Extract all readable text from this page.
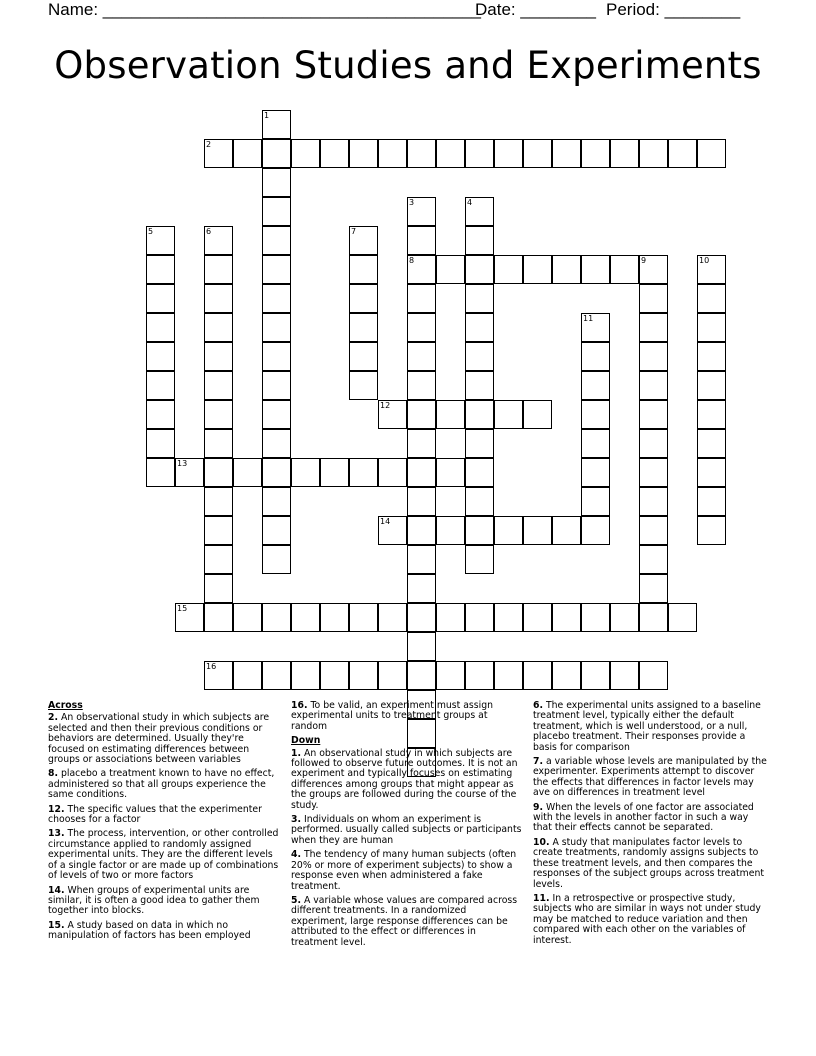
Name: ________________________________________
Date: ________ Period: ________
Observation Studies and Experiments
1
2
3
8
4
5	6	7
9	10
11
12
13
14
15
16

Across

2. An observational study in which subjects are selected and then their previous conditions or behaviors are determined. Usually they're focused on estimating differences between groups or associations between variables

8. placebo a treatment known to have no effect, administered so that all groups experience the same conditions.

12. The specific values that the experimenter chooses for a factor

13. The process, intervention, or other controlled circumstance applied to randomly assigned experimental units. They are the different levels of a single factor or are made up of combinations of levels of two or more factors

14. When groups of experimental units are similar, it is often a good idea to gather them together into blocks.

15. A study based on data in which no manipulation of factors has been employed

16. To be valid, an experiment must assign experimental units to treatment groups at random

Down

1. An observational study in which subjects are followed to observe future outcomes. It is not an experiment and typically focuses on estimating differences among groups that might appear as the groups are followed during the course of the study.

3. Individuals on whom an experiment is performed. usually called subjects or participants when they are human

4. The tendency of many human subjects (often 20% or more of experiment subjects) to show a response even when administered a fake treatment.

5. A variable whose values are compared across different treatments. In a randomized experiment, large response differences can be attributed to the effect or differences in treatment level.

6. The experimental units assigned to a baseline treatment level, typically either the default treatment, which is well understood, or a null, placebo treatment. Their responses provide a basis for comparison

7. a variable whose levels are manipulated by the experimenter. Experiments attempt to discover the effects that differences in factor levels may ave on differences in treatment level

9. When the levels of one factor are associated with the levels in another factor in such a way that their effects cannot be separated.

10. A study that manipulates factor levels to create treatments, randomly assigns subjects to these treatment levels, and then compares the responses of the subject groups across treatment levels.

11. In a retrospective or prospective study, subjects who are similar in ways not under study may be matched to reduce variation and then compared with each other on the variables of interest.
